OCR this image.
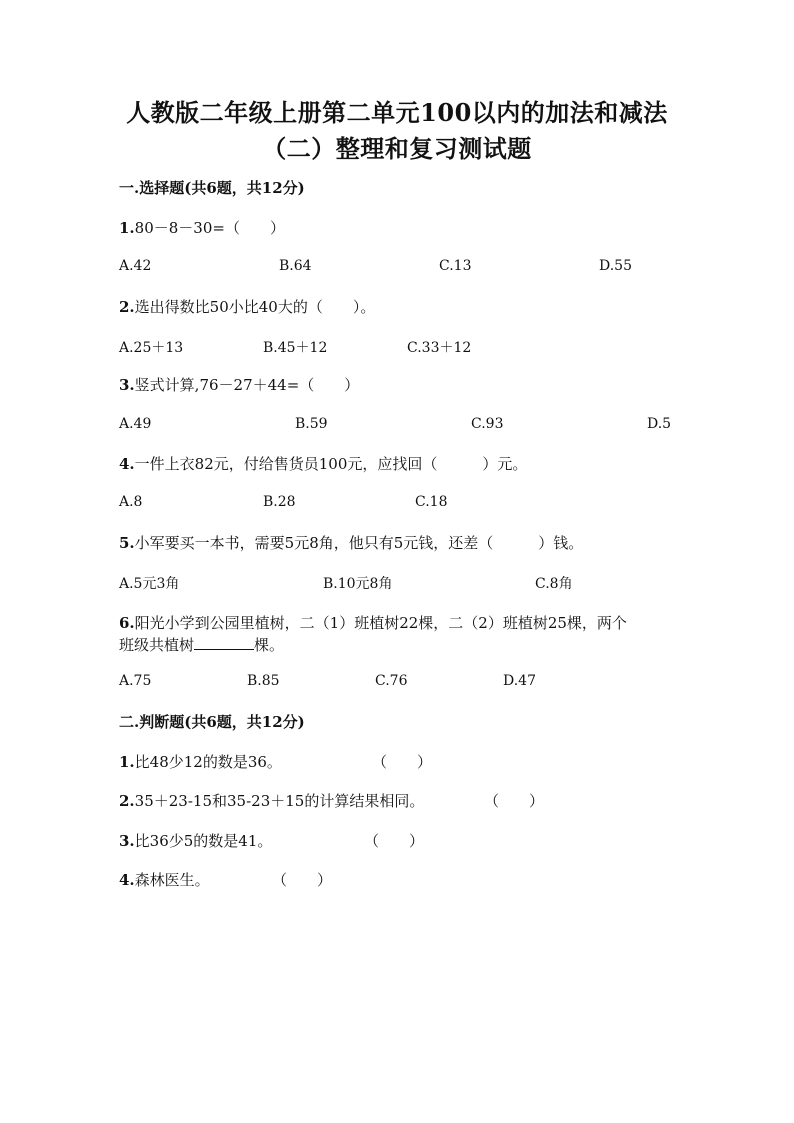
人教版二年级上册第二单元100以内的加法和减法
（二）整理和复习测试题
一.选择题(共6题，共12分)
1.80－8－30=（　　）
A.42	B.64	C.13	D.55
2.选出得数比50小比40大的（　　）。
A.25＋13	B.45＋12	C.33＋12
3.竖式计算,76－27＋44=（　　）
A.49	B.59	C.93	D.5
4.一件上衣82元，付给售货员100元，应找回（　　　）元。
A.8	B.28	C.18
5.小军要买一本书，需要5元8角，他只有5元钱，还差（　　　）钱。
A.5元3角	B.10元8角	C.8角
6.阳光小学到公园里植树，二（1）班植树22棵，二（2）班植树25棵，两个
班级共植树	棵。
A.75	B.85	C.76	D.47
二.判断题(共6题，共12分)
1.比48少12的数是36。	（　　）
2.35＋23-15和35-23＋15的计算结果相同。	（　　）
3.比36少5的数是41。	（　　）
4.森林医生。	（　　）
